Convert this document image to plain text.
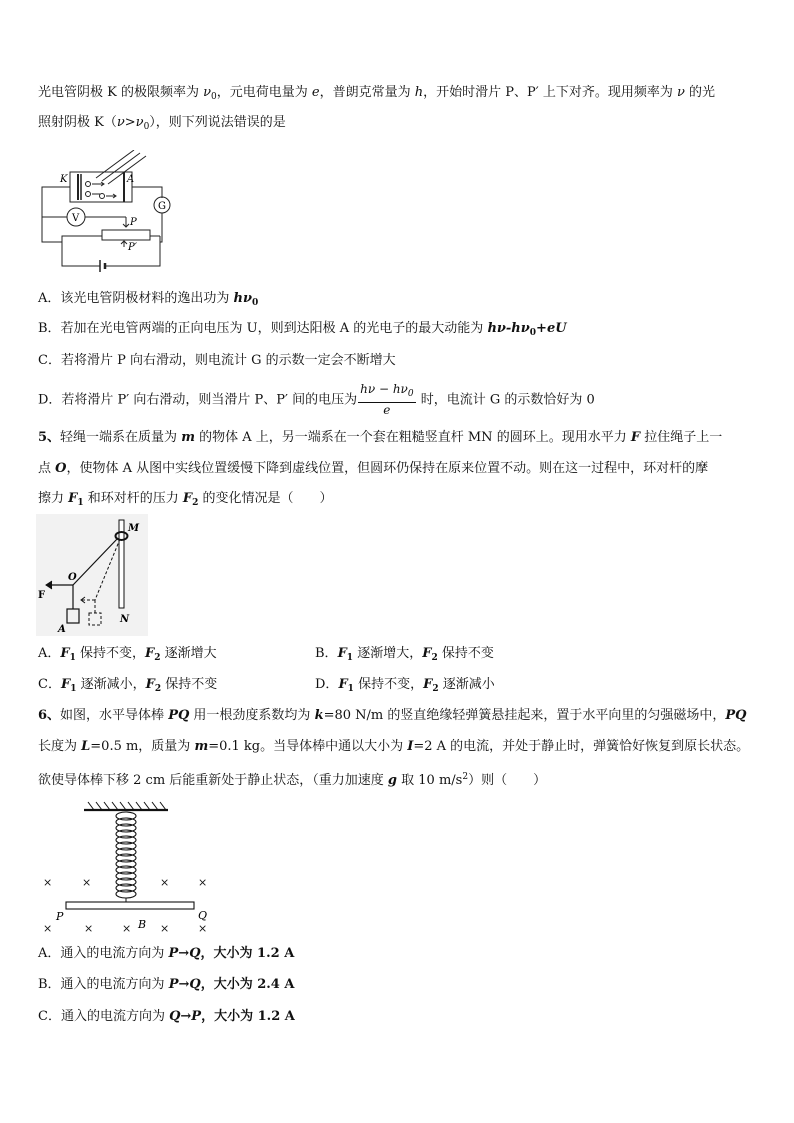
光电管阴极 K 的极限频率为 $\nu_0$，元电荷电量为 e，普朗克常量为 h，开始时滑片 P、P′ 上下对齐。现用频率为 ν 的光
照射阴极 $K(\nu>\nu_0)$，则下列说法错误的是
K	A
V
G
P
P′
A．该光电管阴极材料的逸出功为 $h\nu_0$
B．若加在光电管两端的正向电压为 U，则到达阳极 A 的光电子的最大动能为 $h\nu-h\nu_0+eU$
C．若将滑片 P 向右滑动，则电流计 G 的示数一定会不断增大
D．若将滑片 P′ 向右滑动，则当滑片 P、P′ 间的电压为 $\frac{h\nu - h\nu_0}{e}$ 时，电流计 G 的示数恰好为 0
5、轻绳一端系在质量为 m 的物体 A 上，另一端系在一个套在粗糙竖直杆 MN 的圆环上。现用水平力 F 拉住绳子上一
点 O，使物体 A 从图中实线位置缓慢下降到虚线位置，但圆环仍保持在原来位置不动。则在这一过程中，环对杆的摩
擦力 $F_1$ 和环对杆的压力 $F_2$ 的变化情况是（　　）
M
O
F
A
N
A．$F_1$ 保持不变，$F_2$ 逐渐增大	B．$F_1$ 逐渐增大，$F_2$ 保持不变
C．$F_1$ 逐渐减小，$F_2$ 保持不变	D．$F_1$ 保持不变，$F_2$ 逐渐减小
6、如图，水平导体棒 PQ 用一根劲度系数均为 k=80 N/m 的竖直绝缘轻弹簧悬挂起来，置于水平向里的匀强磁场中，PQ
长度为 L=0.5 m，质量为 m=0.1 kg。当导体棒中通以大小为 I=2 A 的电流，并处于静止时，弹簧恰好恢复到原长状态。
欲使导体棒下移 2 cm 后能重新处于静止状态，（重力加速度 g 取 10 $m/s^2$）则（　　）
×	×	×	×
×	×	×	×	×
P	Q
B
A．通入的电流方向为 P→Q，大小为 1.2 A
B．通入的电流方向为 P→Q，大小为 2.4 A
C．通入的电流方向为 Q→P，大小为 1.2 A
